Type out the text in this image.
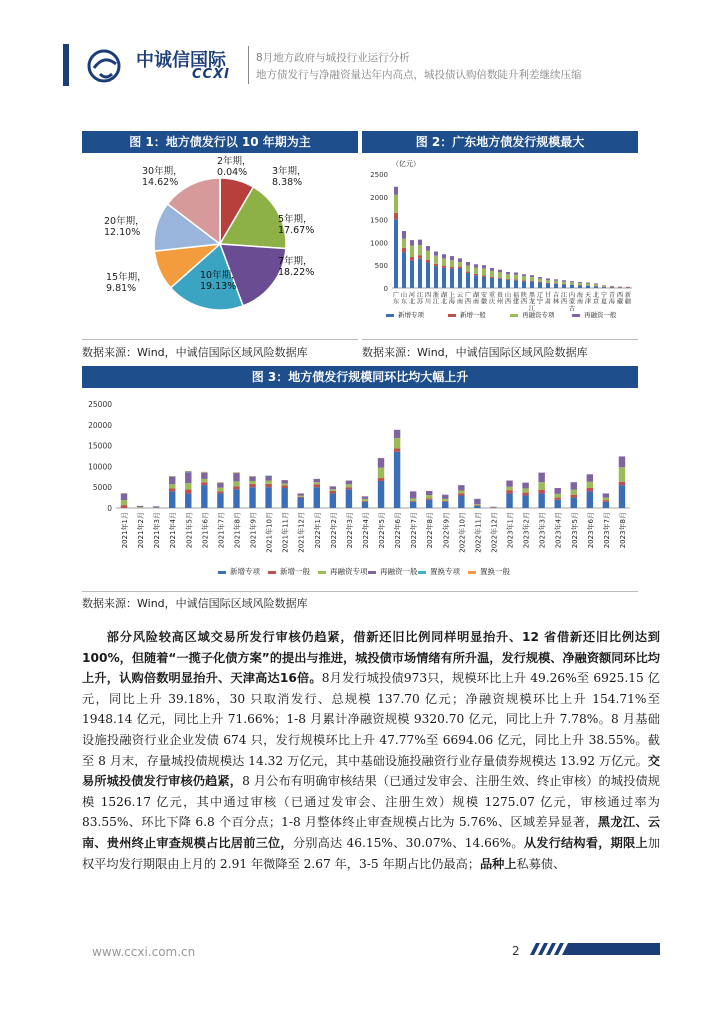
中诚信国际
CCXI
8月地方政府与城投行业运行分析
地方债发行与净融资量达年内高点，城投债认购倍数陡升利差继续压缩
图 1：地方债发行以 10 年期为主
2年期， 0.04%	3年期， 8.38%
5年期， 17.67%
7年期， 18.22%
10年期， 19.13%
15年期， 9.81%
20年期， 12.10%
30年期， 14.62%
数据来源：Wind，中诚信国际区域风险数据库
图 2：广东地方债发行规模最大
0
500
1000
1500
2000
2500
广东
山东
河北
江苏
四川
浙江
湖北
上海
云南
广西
湖南
安徽
重庆
贵州
山西
福建
陕西
黑龙江
辽宁
甘肃
吉林
江西
内蒙古
海南
天津
北京
宁夏
青海
西藏
新疆
新增专项	新增一般	再融资专项	再融资一般
（亿元）
数据来源：Wind，中诚信国际区域风险数据库
图 3：地方债发行规模同环比均大幅上升
0
5000
10000
15000
20000
25000
2021年1月 2021年2月 2021年3月 2021年4月 2021年5月 2021年6月 2021年7月 2021年8月 2021年9月 2021年10月 2021年11月 2021年12月 2022年1月 2022年2月 2022年3月 2022年4月 2022年5月 2022年6月 2022年7月 2022年8月 2022年9月 2022年10月 2022年11月 2022年12月 2023年1月 2023年2月 2023年3月 2023年4月 2023年5月 2023年6月 2023年7月 2023年8月
新增专项	新增一般	再融资专项 再融资一般 置换专项	置换一般
数据来源：Wind，中诚信国际区域风险数据库
部分风险较高区域交易所发行审核仍趋紧，借新还旧比例同样明显抬升、12 省借新还旧比例达到 100%，但随着“一揽子化债方案”的提出与推进，城投债市场情绪有所升温，发行规模、净融资额同环比均上升，认购倍数明显抬升、天津高达16倍。8月发行城投债973只，规模环比上升 49.26%至 6925.15 亿元，同比上升 39.18%，30 只取消发行、总规模 137.70 亿元；净融资规模环比上升 154.71%至 1948.14 亿元，同比上升 71.66%；1-8 月累计净融资规模 9320.70 亿元，同比上升 7.78%。8 月基础设施投融资行业企业发债 674 只，发行规模环比上升 47.77%至 6694.06 亿元，同比上升 38.55%。截至 8 月末，存量城投债规模达 14.32 万亿元，其中基础设施投融资行业存量债券规模达 13.92 万亿元。交易所城投债发行审核仍趋紧，8 月公布有明确审核结果（已通过发审会、注册生效、终止审核）的城投债规模 1526.17 亿元，其中通过审核（已通过发审会、注册生效）规模 1275.07 亿元，审核通过率为 83.55%、环比下降 6.8 个百分点；1-8 月整体终止审查规模占比为 5.76%、区域差异显著，黑龙江、云南、贵州终止审查规模占比居前三位，分别高达 46.15%、30.07%、14.66%。从发行结构看，期限上加权平均发行期限由上月的 2.91 年微降至 2.67 年，3-5 年期占比仍最高；品种上私募债、
www.ccxi.com.cn	2
